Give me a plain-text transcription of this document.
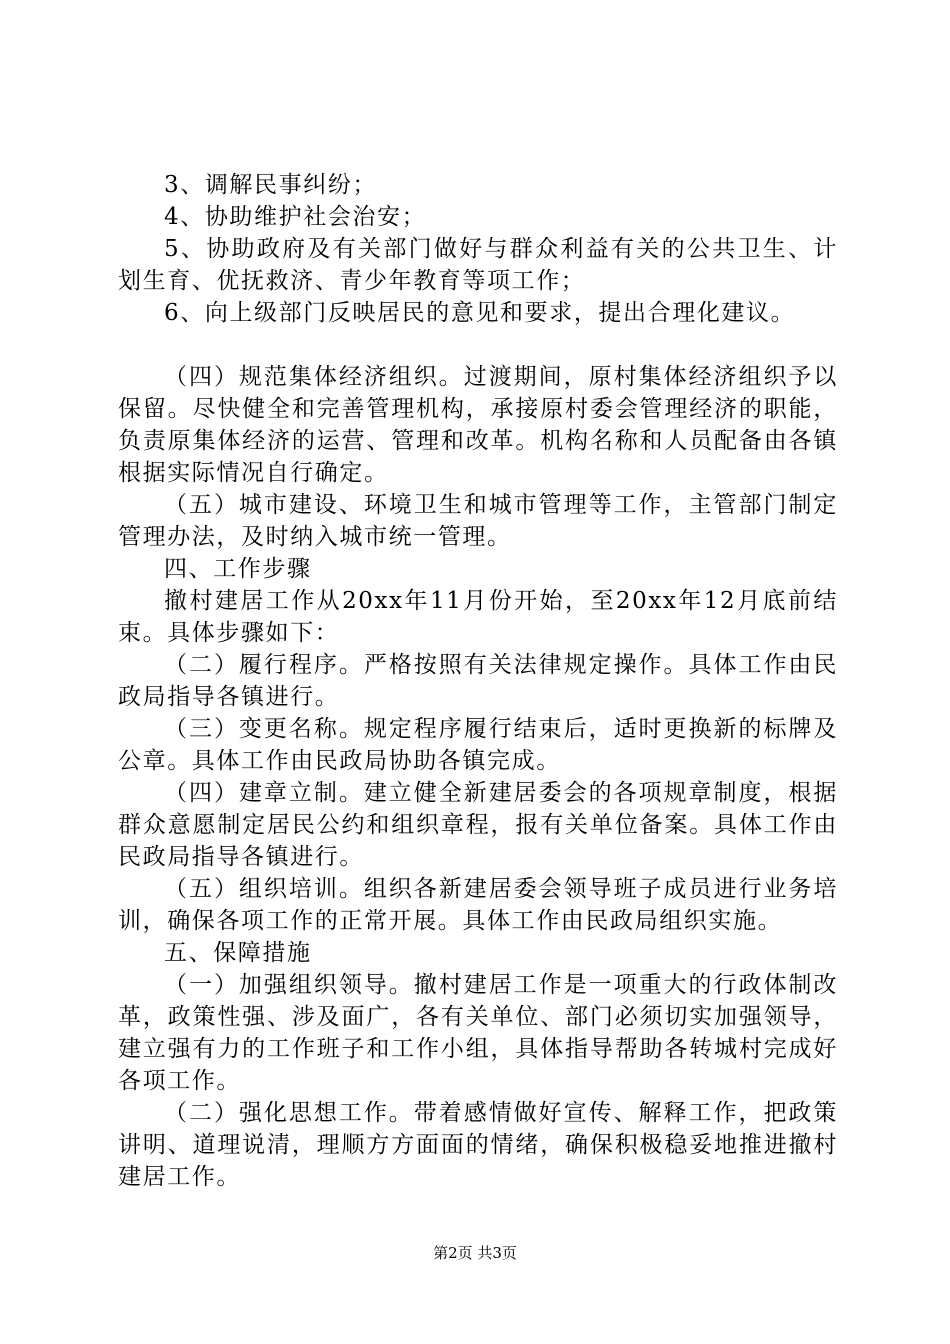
3、调解民事纠纷；

4、协助维护社会治安；

5、协助政府及有关部门做好与群众利益有关的公共卫生、计划生育、优抚救济、青少年教育等项工作；

6、向上级部门反映居民的意见和要求，提出合理化建议。

（四）规范集体经济组织。过渡期间，原村集体经济组织予以保留。尽快健全和完善管理机构，承接原村委会管理经济的职能，负责原集体经济的运营、管理和改革。机构名称和人员配备由各镇根据实际情况自行确定。

（五）城市建设、环境卫生和城市管理等工作，主管部门制定管理办法，及时纳入城市统一管理。

四、工作步骤

撤村建居工作从20xx年11月份开始，至20xx年12月底前结束。具体步骤如下：

（二）履行程序。严格按照有关法律规定操作。具体工作由民政局指导各镇进行。

（三）变更名称。规定程序履行结束后，适时更换新的标牌及公章。具体工作由民政局协助各镇完成。

（四）建章立制。建立健全新建居委会的各项规章制度，根据群众意愿制定居民公约和组织章程，报有关单位备案。具体工作由民政局指导各镇进行。

（五）组织培训。组织各新建居委会领导班子成员进行业务培训，确保各项工作的正常开展。具体工作由民政局组织实施。

五、保障措施

（一）加强组织领导。撤村建居工作是一项重大的行政体制改革，政策性强、涉及面广，各有关单位、部门必须切实加强领导，建立强有力的工作班子和工作小组，具体指导帮助各转城村完成好各项工作。

（二）强化思想工作。带着感情做好宣传、解释工作，把政策讲明、道理说清，理顺方方面面的情绪，确保积极稳妥地推进撤村建居工作。

第2页 共3页
